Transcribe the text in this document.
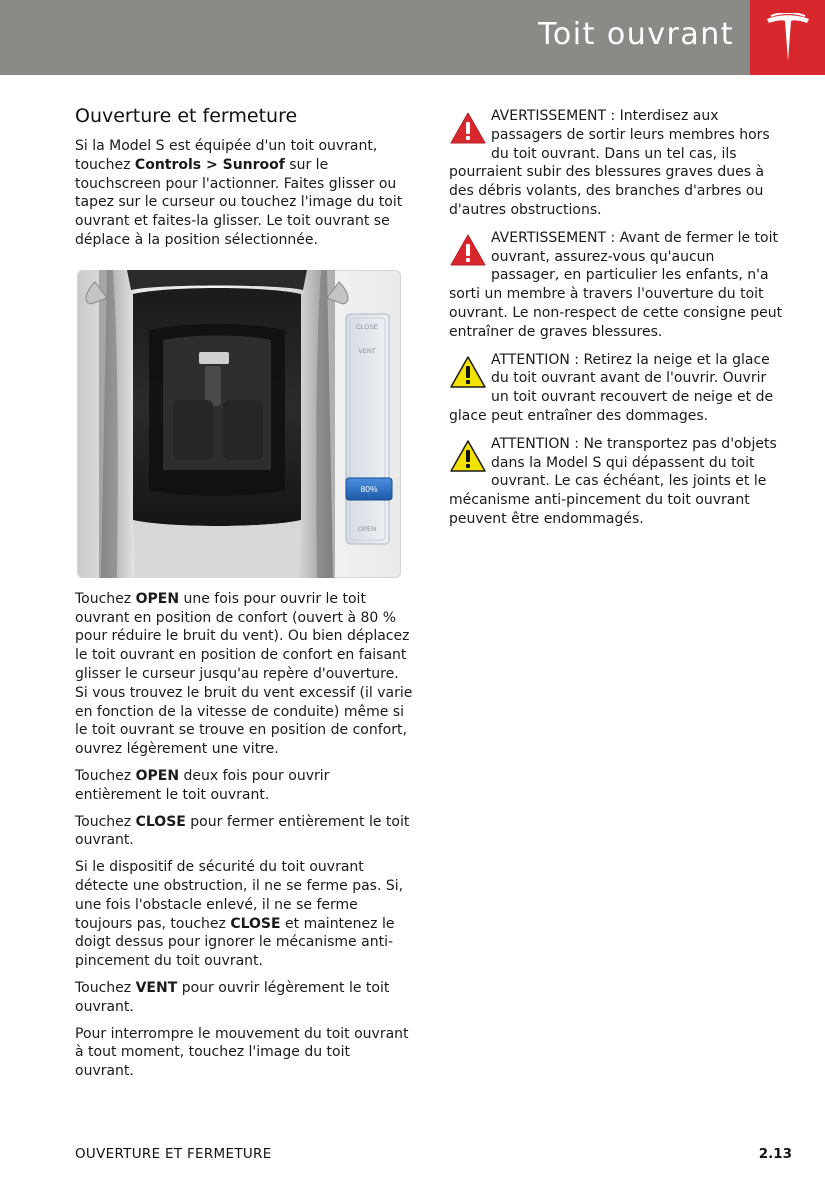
Toit ouvrant
Ouverture et fermeture

Si la Model S est équipée d'un toit ouvrant, touchez Controls > Sunroof sur le touchscreen pour l'actionner. Faites glisser ou tapez sur le curseur ou touchez l'image du toit ouvrant et faites-la glisser. Le toit ouvrant se déplace à la position sélectionnée.

CLOSE
VENT
80%
OPEN

Touchez OPEN une fois pour ouvrir le toit ouvrant en position de confort (ouvert à 80 % pour réduire le bruit du vent). Ou bien déplacez le toit ouvrant en position de confort en faisant glisser le curseur jusqu'au repère d'ouverture. Si vous trouvez le bruit du vent excessif (il varie en fonction de la vitesse de conduite) même si le toit ouvrant se trouve en position de confort, ouvrez légèrement une vitre.

Touchez OPEN deux fois pour ouvrir entièrement le toit ouvrant.

Touchez CLOSE pour fermer entièrement le toit ouvrant.

Si le dispositif de sécurité du toit ouvrant détecte une obstruction, il ne se ferme pas. Si, une fois l'obstacle enlevé, il ne se ferme toujours pas, touchez CLOSE et maintenez le doigt dessus pour ignorer le mécanisme anti-pincement du toit ouvrant.

Touchez VENT pour ouvrir légèrement le toit ouvrant.

Pour interrompre le mouvement du toit ouvrant à tout moment, touchez l'image du toit ouvrant.

AVERTISSEMENT : Interdisez aux passagers de sortir leurs membres hors du toit ouvrant. Dans un tel cas, ils pourraient subir des blessures graves dues à des débris volants, des branches d'arbres ou d'autres obstructions.

AVERTISSEMENT : Avant de fermer le toit ouvrant, assurez-vous qu'aucun passager, en particulier les enfants, n'a sorti un membre à travers l'ouverture du toit ouvrant. Le non-respect de cette consigne peut entraîner de graves blessures.

ATTENTION : Retirez la neige et la glace du toit ouvrant avant de l'ouvrir. Ouvrir un toit ouvrant recouvert de neige et de glace peut entraîner des dommages.

ATTENTION : Ne transportez pas d'objets dans la Model S qui dépassent du toit ouvrant. Le cas échéant, les joints et le mécanisme anti-pincement du toit ouvrant peuvent être endommagés.

OUVERTURE ET FERMETURE	2.13
